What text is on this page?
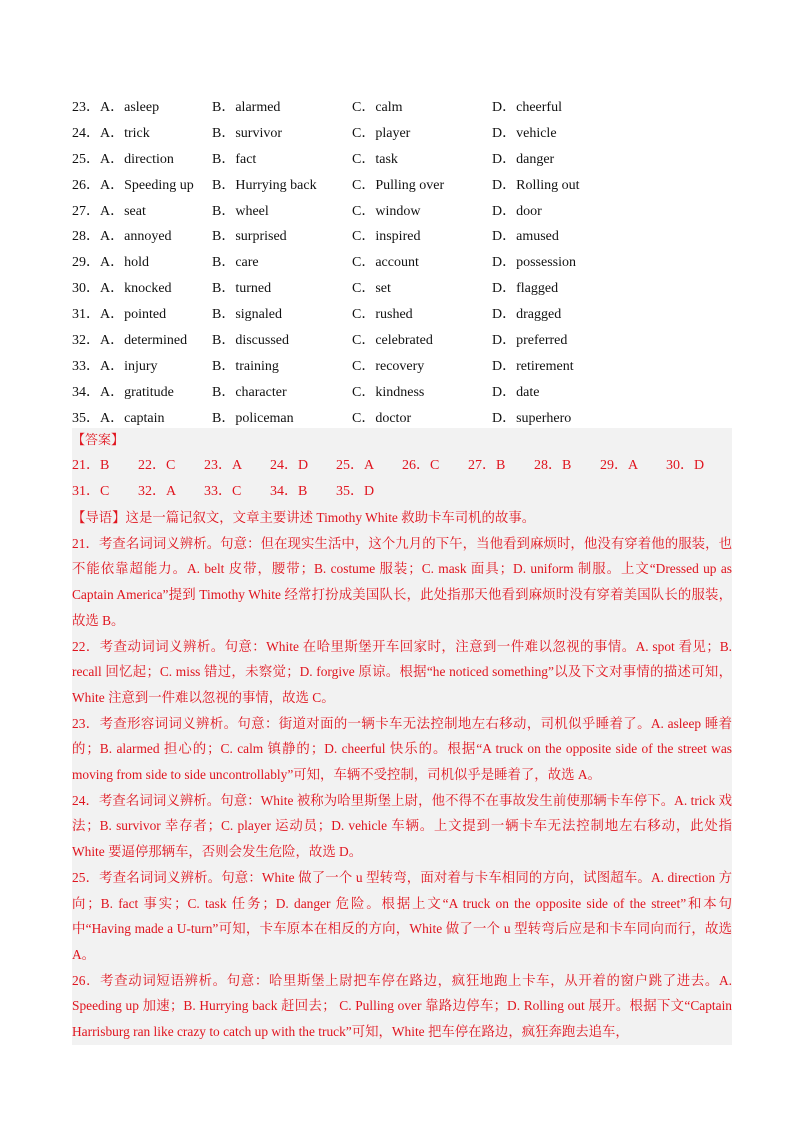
23． A．asleep	B．alarmed	C．calm	D．cheerful
24． A．trick	B．survivor	C．player	D．vehicle
25． A．direction	B．fact	C．task	D．danger
26． A．Speeding up	B．Hurrying back	C．Pulling over	D．Rolling out
27． A．seat	B．wheel	C．window	D．door
28． A．annoyed	B．surprised	C．inspired	D．amused
29． A．hold	B．care	C．account	D．possession
30． A．knocked	B．turned	C．set	D．flagged
31． A．pointed	B．signaled	C．rushed	D．dragged
32． A．determined	B．discussed	C．celebrated	D．preferred
33． A．injury	B．training	C．recovery	D．retirement
34． A．gratitude	B．character	C．kindness	D．date
35． A．captain	B．policeman	C．doctor	D．superhero
【答案】
21．B	22．C	23．A	24．D	25．A	26．C	27．B	28．B	29．A	30．D
31．C	32．A	33．C	34．B	35．D

【导语】这是一篇记叙文，文章主要讲述 Timothy White 救助卡车司机的故事。

21．考查名词词义辨析。句意：但在现实生活中，这个九月的下午，当他看到麻烦时，他没有穿着他的服装，也不能依靠超能力。A. belt 皮带，腰带；B. costume 服装；C. mask 面具；D. uniform 制服。上文“Dressed up as Captain America”提到 Timothy White 经常打扮成美国队长，此处指那天他看到麻烦时没有穿着美国队长的服装，故选 B。

22．考查动词词义辨析。句意：White 在哈里斯堡开车回家时，注意到一件难以忽视的事情。A. spot 看见；B. recall 回忆起；C. miss 错过，未察觉；D. forgive 原谅。根据“he noticed something”以及下文对事情的描述可知，White 注意到一件难以忽视的事情，故选 C。

23．考查形容词词义辨析。句意：街道对面的一辆卡车无法控制地左右移动，司机似乎睡着了。A. asleep 睡着的；B. alarmed 担心的；C. calm 镇静的；D. cheerful 快乐的。根据“A truck on the opposite side of the street was moving from side to side uncontrollably”可知，车辆不受控制，司机似乎是睡着了，故选 A。

24．考查名词词义辨析。句意：White 被称为哈里斯堡上尉，他不得不在事故发生前使那辆卡车停下。A. trick 戏法；B. survivor 幸存者；C. player 运动员；D. vehicle 车辆。上文提到一辆卡车无法控制地左右移动，此处指 White 要逼停那辆车，否则会发生危险，故选 D。

25．考查名词词义辨析。句意：White 做了一个 u 型转弯，面对着与卡车相同的方向，试图超车。A. direction 方向；B. fact 事实；C. task 任务；D. danger 危险。根据上文“A truck on the opposite side of the street”和本句中“Having made a U-turn”可知，卡车原本在相反的方向，White 做了一个 u 型转弯后应是和卡车同向而行，故选 A。

26．考查动词短语辨析。句意：哈里斯堡上尉把车停在路边，疯狂地跑上卡车，从开着的窗户跳了进去。A. Speeding up 加速；B. Hurrying back 赶回去； C. Pulling over 靠路边停车；D. Rolling out 展开。根据下文“Captain Harrisburg ran like crazy to catch up with the truck”可知，White 把车停在路边，疯狂奔跑去追车，
